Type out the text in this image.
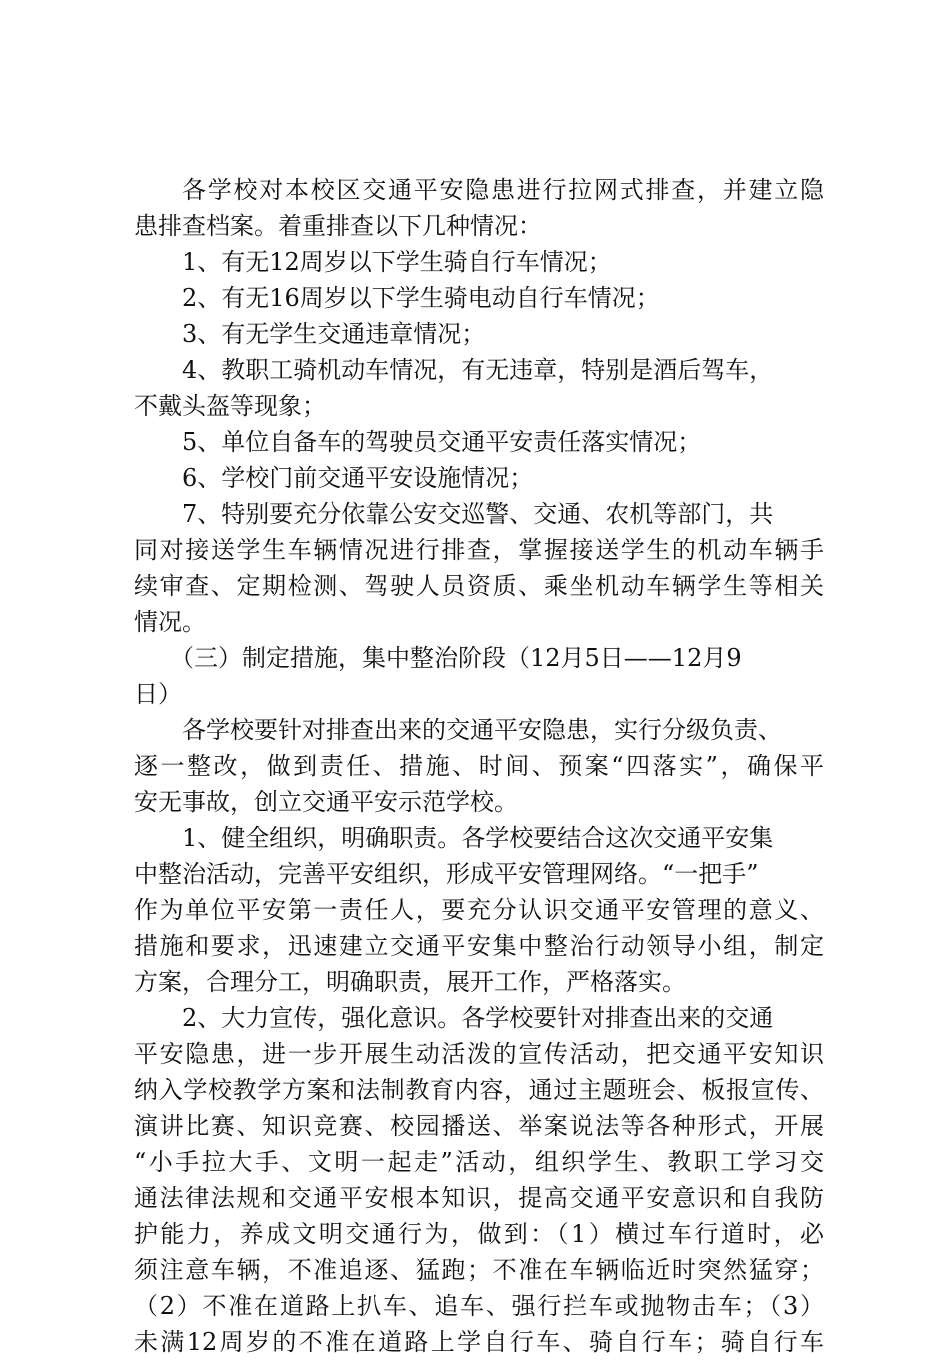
各学校对本校区交通平安隐患进行拉网式排查，并建立隐
患排查档案。着重排查以下几种情况：
1、有无12周岁以下学生骑自行车情况；
2、有无16周岁以下学生骑电动自行车情况；
3、有无学生交通违章情况；
4、教职工骑机动车情况，有无违章，特别是酒后驾车，
不戴头盔等现象；
5、单位自备车的驾驶员交通平安责任落实情况；
6、学校门前交通平安设施情况；
7、特别要充分依靠公安交巡警、交通、农机等部门，共
同对接送学生车辆情况进行排查，掌握接送学生的机动车辆手
续审查、定期检测、驾驶人员资质、乘坐机动车辆学生等相关
情况。
（三）制定措施，集中整治阶段（12月5日——12月9
日）
各学校要针对排查出来的交通平安隐患，实行分级负责、
逐一整改，做到责任、措施、时间、预案“四落实”，确保平
安无事故，创立交通平安示范学校。
1、健全组织，明确职责。各学校要结合这次交通平安集
中整治活动，完善平安组织，形成平安管理网络。“一把手”
作为单位平安第一责任人，要充分认识交通平安管理的意义、
措施和要求，迅速建立交通平安集中整治行动领导小组，制定
方案，合理分工，明确职责，展开工作，严格落实。
2、大力宣传，强化意识。各学校要针对排查出来的交通
平安隐患，进一步开展生动活泼的宣传活动，把交通平安知识
纳入学校教学方案和法制教育内容，通过主题班会、板报宣传、
演讲比赛、知识竞赛、校园播送、举案说法等各种形式，开展
“小手拉大手、文明一起走”活动，组织学生、教职工学习交
通法律法规和交通平安根本知识，提高交通平安意识和自我防
护能力，养成文明交通行为，做到：（1）横过车行道时，必
须注意车辆，不准追逐、猛跑；不准在车辆临近时突然猛穿；
（2）不准在道路上扒车、追车、强行拦车或抛物击车；（3）
未满12周岁的不准在道路上学自行车、骑自行车；骑自行车
